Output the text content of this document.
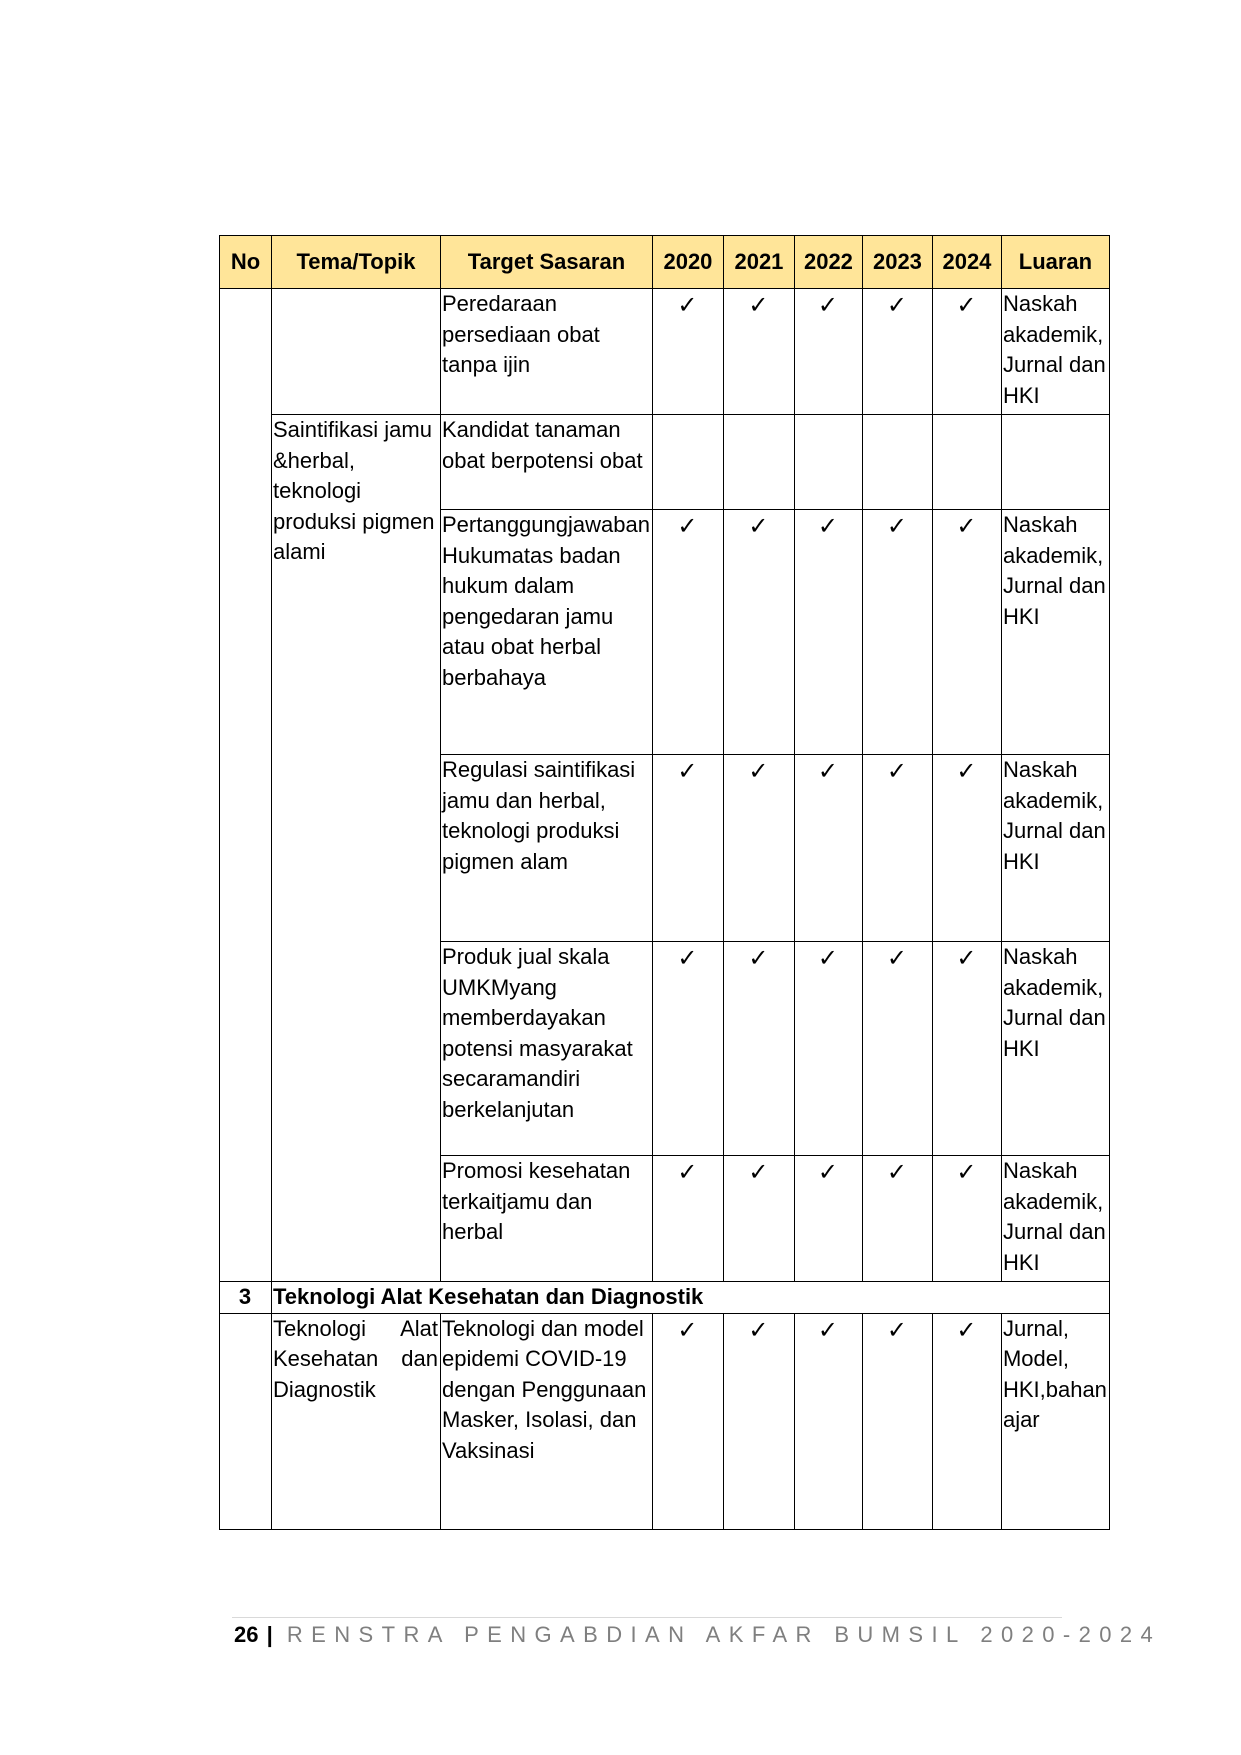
No	Tema/Topik	Target Sasaran	2020	2021	2022	2023	2024	Luaran
		Peredaraan persediaan obat tanpa ijin	✓	✓	✓	✓	✓	Naskah akademik, Jurnal dan HKI
	Saintifikasi jamu &herbal, teknologi produksi pigmen alami	Kandidat tanaman obat berpotensi obat						
		Pertanggungjawaban Hukumatas badan hukum dalam pengedaran jamu atau obat herbal berbahaya	✓	✓	✓	✓	✓	Naskah akademik, Jurnal dan HKI
		Regulasi saintifikasi jamu dan herbal, teknologi produksi pigmen alam	✓	✓	✓	✓	✓	Naskah akademik, Jurnal dan HKI
		Produk jual skala UMKMyang memberdayakan potensi masyarakat secaramandiri berkelanjutan	✓	✓	✓	✓	✓	Naskah akademik, Jurnal dan HKI
		Promosi kesehatan terkaitjamu dan herbal	✓	✓	✓	✓	✓	Naskah akademik, Jurnal dan HKI

3	Teknologi Alat Kesehatan dan Diagnostik							
	Teknologi Alat Kesehatan dan Diagnostik	Teknologi dan model epidemi COVID-19 dengan Penggunaan Masker, Isolasi, dan Vaksinasi	✓	✓	✓	✓	✓	Jurnal, Model, HKI,bahan ajar
26 | RENSTRA PENGABDIAN AKFAR BUMSIL 2020-2024
